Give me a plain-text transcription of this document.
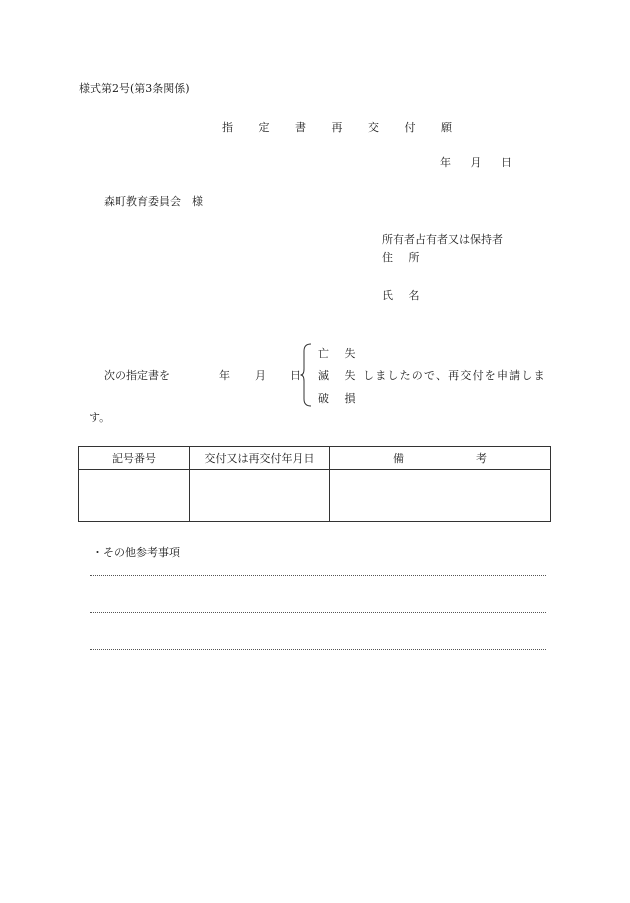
様式第2号(第3条関係)
指 定 書 再 交 付 願
年 月 日
森町教育委員会　様
所有者占有者又は保持者
住 所
氏 名
亡 失
滅 失
破 損
次の指定書を	年 月 日	しましたので、再交付を申請しま
す。
記号番号	交付又は再交付年月日	備 考

・その他参考事項
